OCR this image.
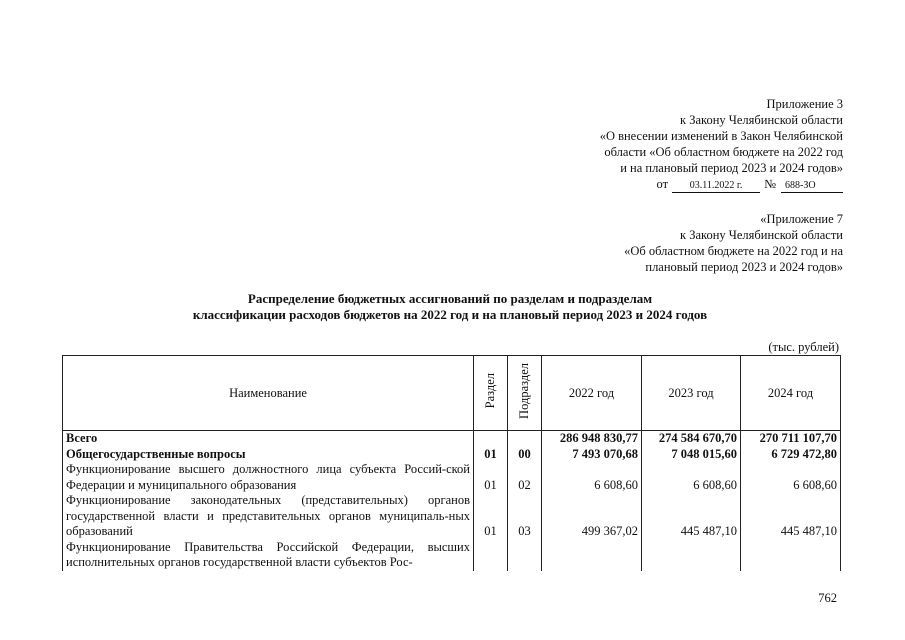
Приложение 3
к Закону Челябинской области
«О внесении изменений в Закон Челябинской
области «Об областном бюджете на 2022 год
и на плановый период 2023 и 2024 годов»
от	03.11.2022 г.	№ 688-ЗО
«Приложение 7
к Закону Челябинской области
«Об областном бюджете на 2022 год и на
плановый период 2023 и 2024 годов»
Распределение бюджетных ассигнований по разделам и подразделам
классификации расходов бюджетов на 2022 год и на плановый период 2023 и 2024 годов
(тыс. рублей)
Наименование	Раздел	Подраздел	2022 год	2023 год	2024 год
Всего			286 948 830,77	274 584 670,70	270 711 107,70
Общегосударственные вопросы	01	00	7 493 070,68	7 048 015,60	6 729 472,80
Функционирование высшего должностного лица субъекта Россий-ской Федерации и муниципального образования	01	02	6 608,60	6 608,60	6 608,60
Функционирование законодательных (представительных) органов государственной власти и представительных органов муниципаль-ных образований	01	03	499 367,02	445 487,10	445 487,10
Функционирование Правительства Российской Федерации, высших исполнительных органов государственной власти субъектов Рос-					
762
